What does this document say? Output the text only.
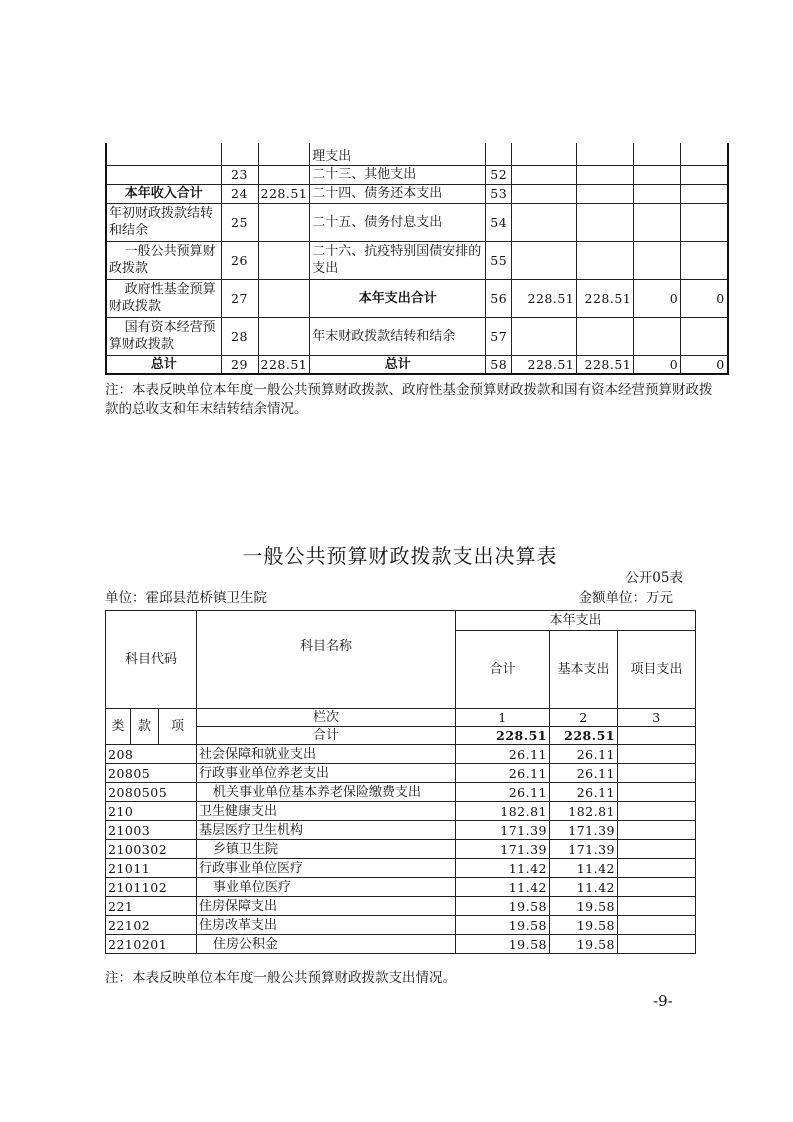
			理支出					
	23		二十三、其他支出	52				
本年收入合计	24	228.51	二十四、债务还本支出	53				
年初财政拨款结转和结余	25		二十五、债务付息支出	54				
一般公共预算财政拨款	26		二十六、抗疫特别国债安排的支出	55				
政府性基金预算财政拨款	27		本年支出合计	56	228.51	228.51	0	0
国有资本经营预算财政拨款	28		年末财政拨款结转和结余	57				
总计	29	228.51	总计	58	228.51	228.51	0	0
注：本表反映单位本年度一般公共预算财政拨款、政府性基金预算财政拨款和国有资本经营预算财政拨款的总收支和年末结转结余情况。
一般公共预算财政拨款支出决算表
公开05表
单位：霍邱县范桥镇卫生院	金额单位：万元
科目代码			科目名称	本年支出		
				合计	基本支出	项目支出
类	款	项	栏次	1	2	3
			合计	228.51	228.51	
208			社会保障和就业支出	26.11	26.11	
20805			行政事业单位养老支出	26.11	26.11	
2080505			机关事业单位基本养老保险缴费支出	26.11	26.11	
210			卫生健康支出	182.81	182.81	
21003			基层医疗卫生机构	171.39	171.39	
2100302			乡镇卫生院	171.39	171.39	
21011			行政事业单位医疗	11.42	11.42	
2101102			事业单位医疗	11.42	11.42	
221			住房保障支出	19.58	19.58	
22102			住房改革支出	19.58	19.58	
2210201			住房公积金	19.58	19.58	
注：本表反映单位本年度一般公共预算财政拨款支出情况。
-9-
